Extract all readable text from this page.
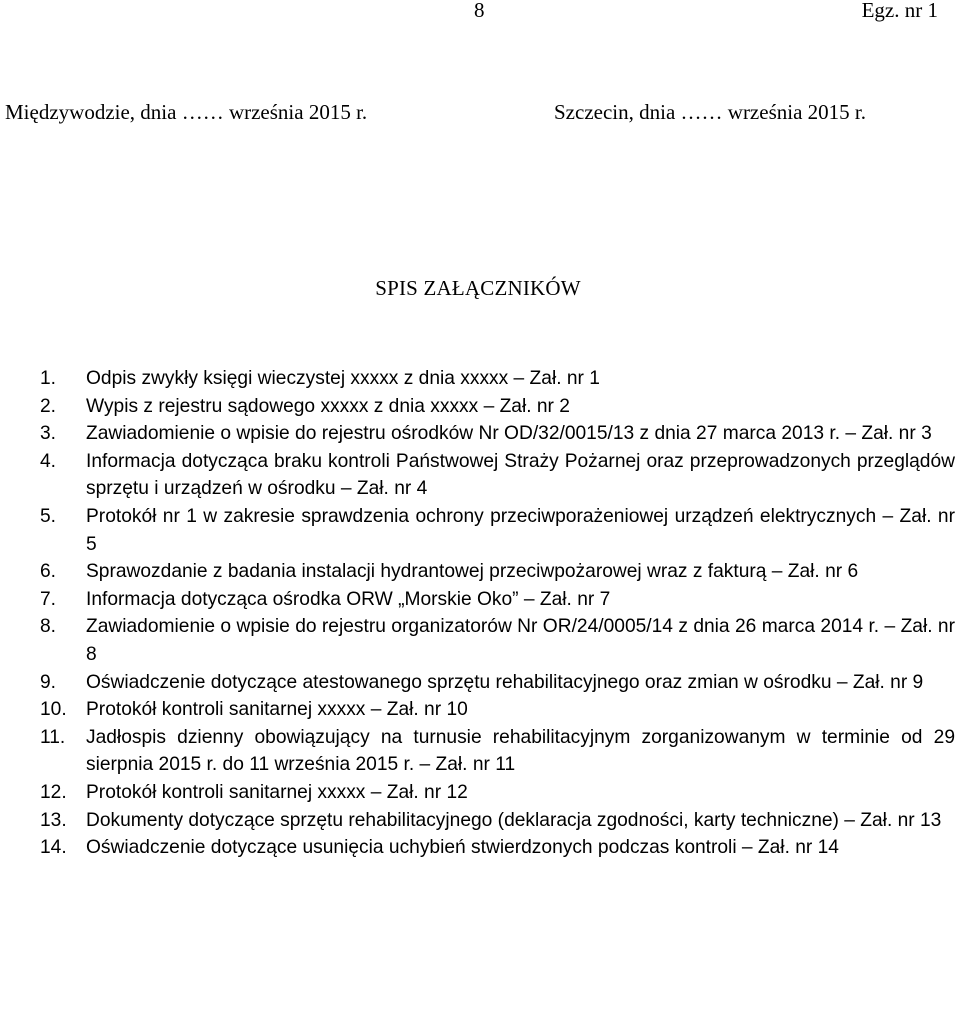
8	Egz. nr 1
Międzywodzie, dnia …… września 2015 r.	Szczecin, dnia …… września 2015 r.
SPIS ZAŁĄCZNIKÓW
1.	Odpis zwykły księgi wieczystej xxxxx z dnia xxxxx – Zał. nr 1
2.	Wypis z rejestru sądowego xxxxx z dnia xxxxx – Zał. nr 2
3.	Zawiadomienie o wpisie do rejestru ośrodków Nr OD/32/0015/13 z dnia 27 marca 2013 r. – Zał. nr 3
4.	Informacja dotycząca braku kontroli Państwowej Straży Pożarnej oraz przeprowadzonych przeglądów sprzętu i urządzeń w ośrodku – Zał. nr 4
5.	Protokół nr 1 w zakresie sprawdzenia ochrony przeciwporażeniowej urządzeń elektrycznych – Zał. nr 5
6.	Sprawozdanie z badania instalacji hydrantowej przeciwpożarowej wraz z fakturą – Zał. nr 6
7.	Informacja dotycząca ośrodka ORW „Morskie Oko” – Zał. nr 7
8.	Zawiadomienie o wpisie do rejestru organizatorów Nr OR/24/0005/14 z dnia 26 marca 2014 r. – Zał. nr 8
9.	Oświadczenie dotyczące atestowanego sprzętu rehabilitacyjnego oraz zmian w ośrodku – Zał. nr 9
10.	Protokół kontroli sanitarnej xxxxx – Zał. nr 10
11.	Jadłospis dzienny obowiązujący na turnusie rehabilitacyjnym zorganizowanym w terminie od 29 sierpnia 2015 r. do 11 września 2015 r. – Zał. nr 11
12.	Protokół kontroli sanitarnej xxxxx – Zał. nr 12
13.	Dokumenty dotyczące sprzętu rehabilitacyjnego (deklaracja zgodności, karty techniczne) – Zał. nr 13
14.	Oświadczenie dotyczące usunięcia uchybień stwierdzonych podczas kontroli – Zał. nr 14
